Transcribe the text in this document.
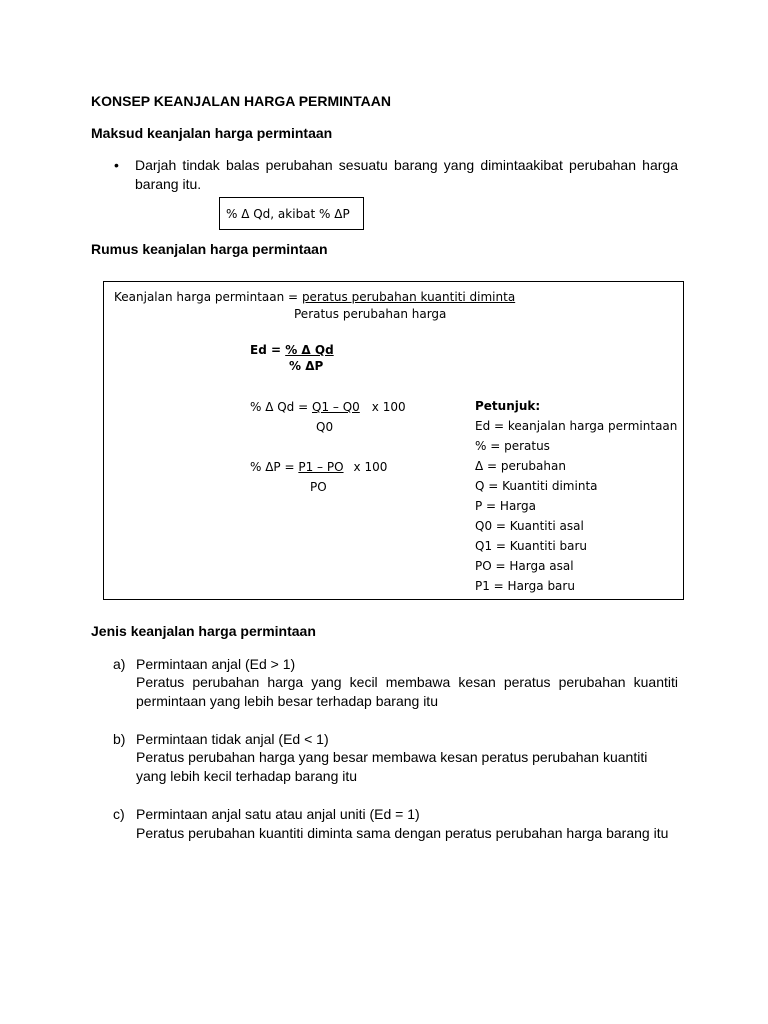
KONSEP KEANJALAN HARGA PERMINTAAN
Maksud keanjalan harga permintaan
• Darjah tindak balas perubahan sesuatu barang yang dimintaakibat perubahan harga barang itu.
% Δ Qd, akibat % ΔP
Rumus keanjalan harga permintaan
Keanjalan harga permintaan = peratus perubahan kuantiti diminta
Peratus perubahan harga
Ed = % Δ Qd
% ΔP
% Δ Qd = Q1 – Q0 x 100
Q0
% ΔP = P1 – PO x 100
PO
Petunjuk:
Ed = keanjalan harga permintaan
% = peratus
Δ = perubahan
Q = Kuantiti diminta
P = Harga
Q0 = Kuantiti asal
Q1 = Kuantiti baru
PO = Harga asal
P1 = Harga baru
Jenis keanjalan harga permintaan
a) Permintaan anjal (Ed > 1)
Peratus perubahan harga yang kecil membawa kesan peratus perubahan kuantiti permintaan yang lebih besar terhadap barang itu
b) Permintaan tidak anjal (Ed < 1)
Peratus perubahan harga yang besar membawa kesan peratus perubahan kuantiti yang lebih kecil terhadap barang itu
c) Permintaan anjal satu atau anjal uniti (Ed = 1)
Peratus perubahan kuantiti diminta sama dengan peratus perubahan harga barang itu
